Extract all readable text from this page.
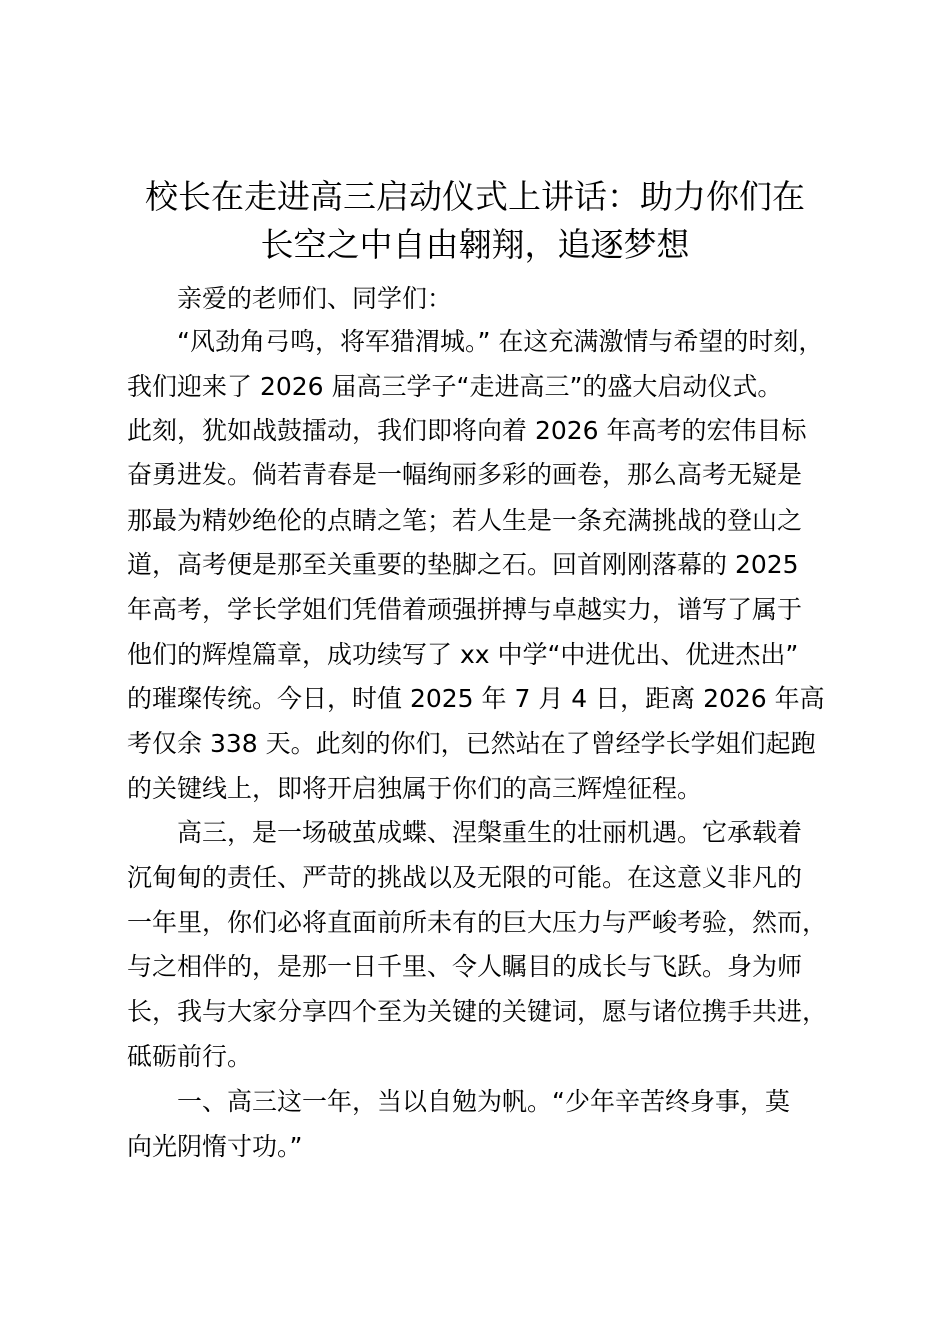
校长在走进高三启动仪式上讲话：助力你们在
长空之中自由翱翔，追逐梦想

亲爱的老师们、同学们：

“风劲角弓鸣，将军猎渭城。” 在这充满激情与希望的时刻，

我们迎来了 2026 届高三学子“走进高三”的盛大启动仪式。

此刻，犹如战鼓擂动，我们即将向着 2026 年高考的宏伟目标

奋勇进发。倘若青春是一幅绚丽多彩的画卷，那么高考无疑是

那最为精妙绝伦的点睛之笔；若人生是一条充满挑战的登山之

道，高考便是那至关重要的垫脚之石。回首刚刚落幕的 2025

年高考，学长学姐们凭借着顽强拼搏与卓越实力，谱写了属于

他们的辉煌篇章，成功续写了 xx 中学“中进优出、优进杰出”

的璀璨传统。今日，时值 2025 年 7 月 4 日，距离 2026 年高

考仅余 338 天。此刻的你们，已然站在了曾经学长学姐们起跑

的关键线上，即将开启独属于你们的高三辉煌征程。

高三，是一场破茧成蝶、涅槃重生的壮丽机遇。它承载着

沉甸甸的责任、严苛的挑战以及无限的可能。在这意义非凡的

一年里，你们必将直面前所未有的巨大压力与严峻考验，然而，

与之相伴的，是那一日千里、令人瞩目的成长与飞跃。身为师

长，我与大家分享四个至为关键的关键词，愿与诸位携手共进，

砥砺前行。

一、高三这一年，当以自勉为帆。“少年辛苦终身事，莫

向光阴惰寸功。”
